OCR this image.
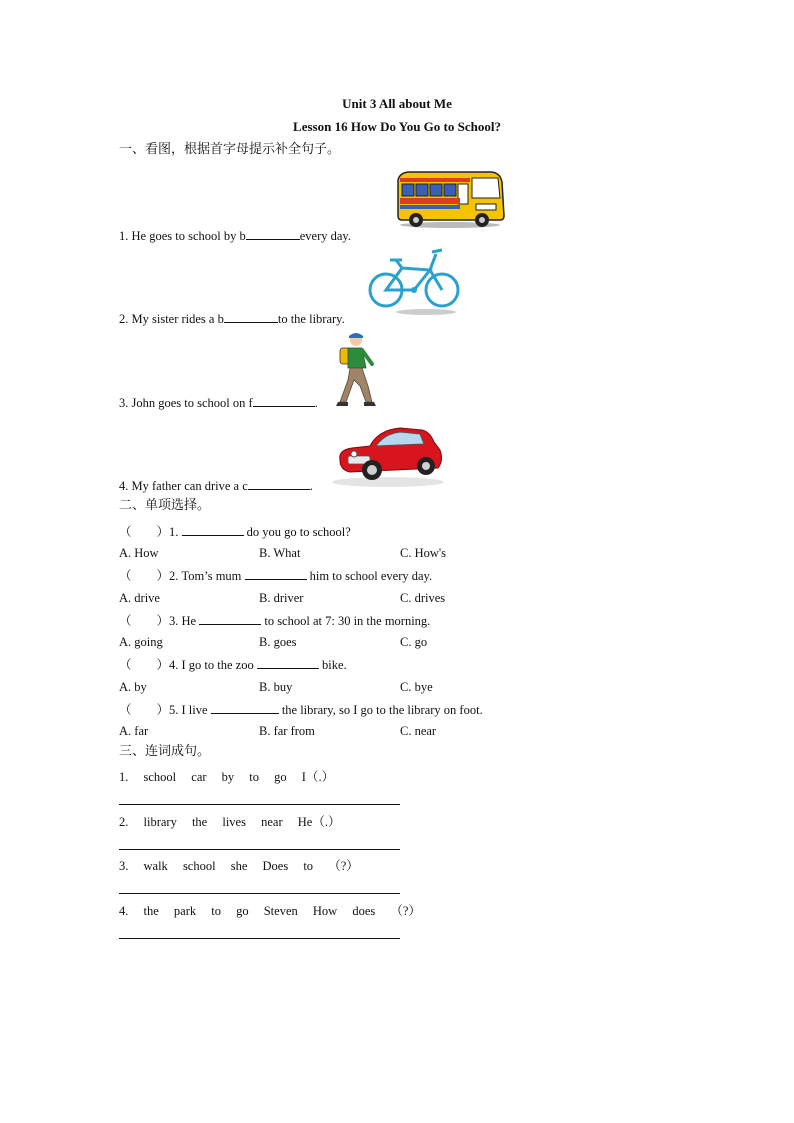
Unit 3 All about Me
Lesson 16 How Do You Go to School?
一、看图，根据首字母提示补全句子。
1. He goes to school by b	every day.
2. My sister rides a b	to the library.
3. John goes to school on f	.
4. My father can drive a c	.
二、单项选择。
（        ）1.	do you go to school?
A. How	B. What	C. How's
（        ）2. Tom’s mum	him to school every day.
A. drive	B. driver	C. drives
（        ）3. He	to school at 7: 30 in the morning.
A. going	B. goes	C. go
（        ）4. I go to the zoo	bike.
A. by	B. buy	C. bye
（        ）5. I live	the library, so I go to the library on foot.
A. far	B. far from	C. near
三、连词成句。
1. school car by to go I（.）
2. library the lives near He（.）
3. walk school she Does to （?）
4. the park to go Steven How does （?）
